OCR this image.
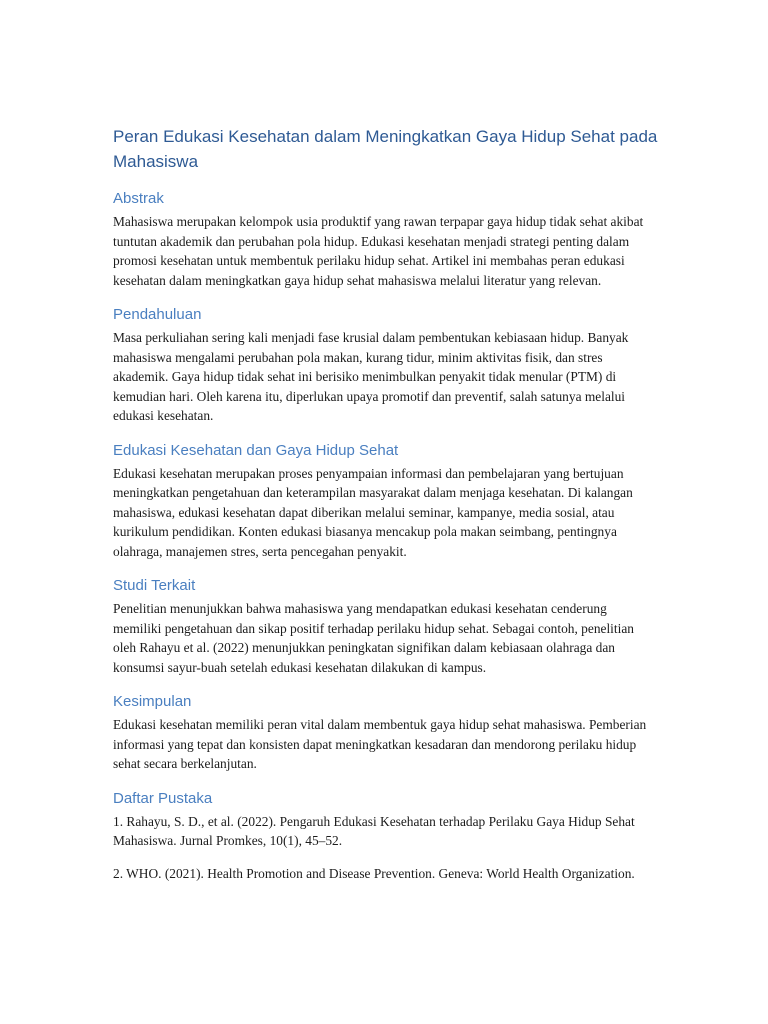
Peran Edukasi Kesehatan dalam Meningkatkan Gaya Hidup Sehat pada Mahasiswa
Abstrak

Mahasiswa merupakan kelompok usia produktif yang rawan terpapar gaya hidup tidak sehat akibat tuntutan akademik dan perubahan pola hidup. Edukasi kesehatan menjadi strategi penting dalam promosi kesehatan untuk membentuk perilaku hidup sehat. Artikel ini membahas peran edukasi kesehatan dalam meningkatkan gaya hidup sehat mahasiswa melalui literatur yang relevan.

Pendahuluan

Masa perkuliahan sering kali menjadi fase krusial dalam pembentukan kebiasaan hidup. Banyak mahasiswa mengalami perubahan pola makan, kurang tidur, minim aktivitas fisik, dan stres akademik. Gaya hidup tidak sehat ini berisiko menimbulkan penyakit tidak menular (PTM) di kemudian hari. Oleh karena itu, diperlukan upaya promotif dan preventif, salah satunya melalui edukasi kesehatan.

Edukasi Kesehatan dan Gaya Hidup Sehat

Edukasi kesehatan merupakan proses penyampaian informasi dan pembelajaran yang bertujuan meningkatkan pengetahuan dan keterampilan masyarakat dalam menjaga kesehatan. Di kalangan mahasiswa, edukasi kesehatan dapat diberikan melalui seminar, kampanye, media sosial, atau kurikulum pendidikan. Konten edukasi biasanya mencakup pola makan seimbang, pentingnya olahraga, manajemen stres, serta pencegahan penyakit.

Studi Terkait

Penelitian menunjukkan bahwa mahasiswa yang mendapatkan edukasi kesehatan cenderung memiliki pengetahuan dan sikap positif terhadap perilaku hidup sehat. Sebagai contoh, penelitian oleh Rahayu et al. (2022) menunjukkan peningkatan signifikan dalam kebiasaan olahraga dan konsumsi sayur-buah setelah edukasi kesehatan dilakukan di kampus.

Kesimpulan

Edukasi kesehatan memiliki peran vital dalam membentuk gaya hidup sehat mahasiswa. Pemberian informasi yang tepat dan konsisten dapat meningkatkan kesadaran dan mendorong perilaku hidup sehat secara berkelanjutan.

Daftar Pustaka

1. Rahayu, S. D., et al. (2022). Pengaruh Edukasi Kesehatan terhadap Perilaku Gaya Hidup Sehat Mahasiswa. Jurnal Promkes, 10(1), 45–52.

2. WHO. (2021). Health Promotion and Disease Prevention. Geneva: World Health Organization.
